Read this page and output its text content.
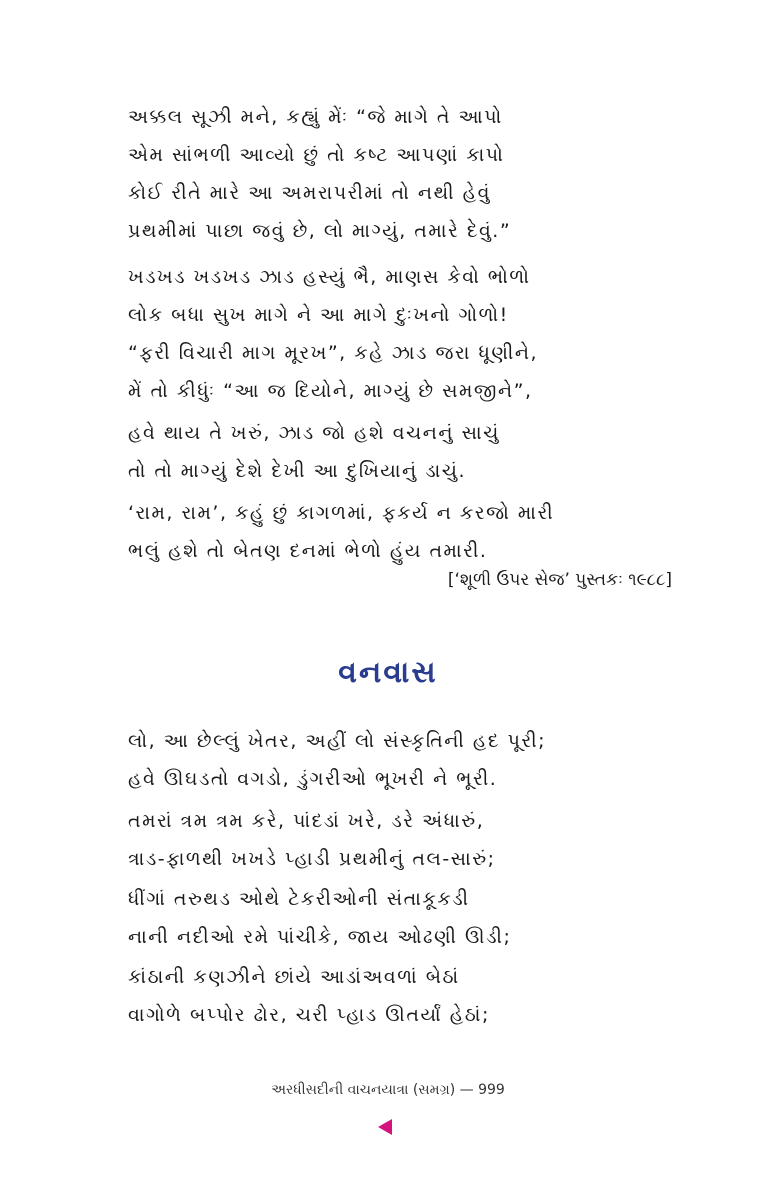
અક્કલ સૂઝી મને, કહ્યું મેંઃ “જે માગે તે આપો
એમ સાંભળી આવ્યો છું તો કષ્ટ આપણાં કાપો
કોઈ રીતે મારે આ અમરાપરીમાં તો નથી હેવું
પ્રથમીમાં પાછા જવું છે, લો માગ્યું, તમારે દેવું.”
ખડખડ ખડખડ ઝાડ હસ્યું ભૈ, માણસ કેવો ભોળો
લોક બધા સુખ માગે ને આ માગે દુઃખનો ગોળો!
“ફરી વિચારી માગ મૂરખ”, કહે ઝાડ જરા ધૂણીને,
મેં તો કીધુંઃ “આ જ દિયોને, માગ્યું છે સમજીને”,
હવે થાય તે ખરું, ઝાડ જો હશે વચનનું સાચું
તો તો માગ્યું દેશે દેખી આ દુખિયાનું ડાચું.
‘રામ, રામ’, કહું છું કાગળમાં, ફકર્ય ન કરજો મારી
ભલું હશે તો બેતણ દનમાં ભેળો હુંય તમારી.
[‘શૂળી ઉપર સેજ’ પુસ્તકઃ ૧૯૮૮]
વનવાસ
લો, આ છેલ્લું ખેતર, અહીં લો સંસ્કૃતિની હદ પૂરી;
હવે ઊઘડતો વગડો, ડુંગરીઓ ભૂખરી ને ભૂરી.
તમરાં ત્રમ ત્રમ કરે, પાંદડાં ખરે, ડરે અંધારું,
ત્રાડ-ફાળથી ખખડે પ્હાડી પ્રથમીનું તલ-સારું;
ધીંગાં તરુથડ ઓથે ટેકરીઓની સંતાકૂકડી
નાની નદીઓ રમે પાંચીકે, જાય ઓઢણી ઊડી;
કાંઠાની કણઝીને છાંયે આડાંઅવળાં બેઠાં
વાગોળે બપ્પોર ઢોર, ચરી પ્હાડ ઊતર્યાં હેઠાં;
અરધીસદીની વાચનયાત્રા (સમગ્ર) — 999
